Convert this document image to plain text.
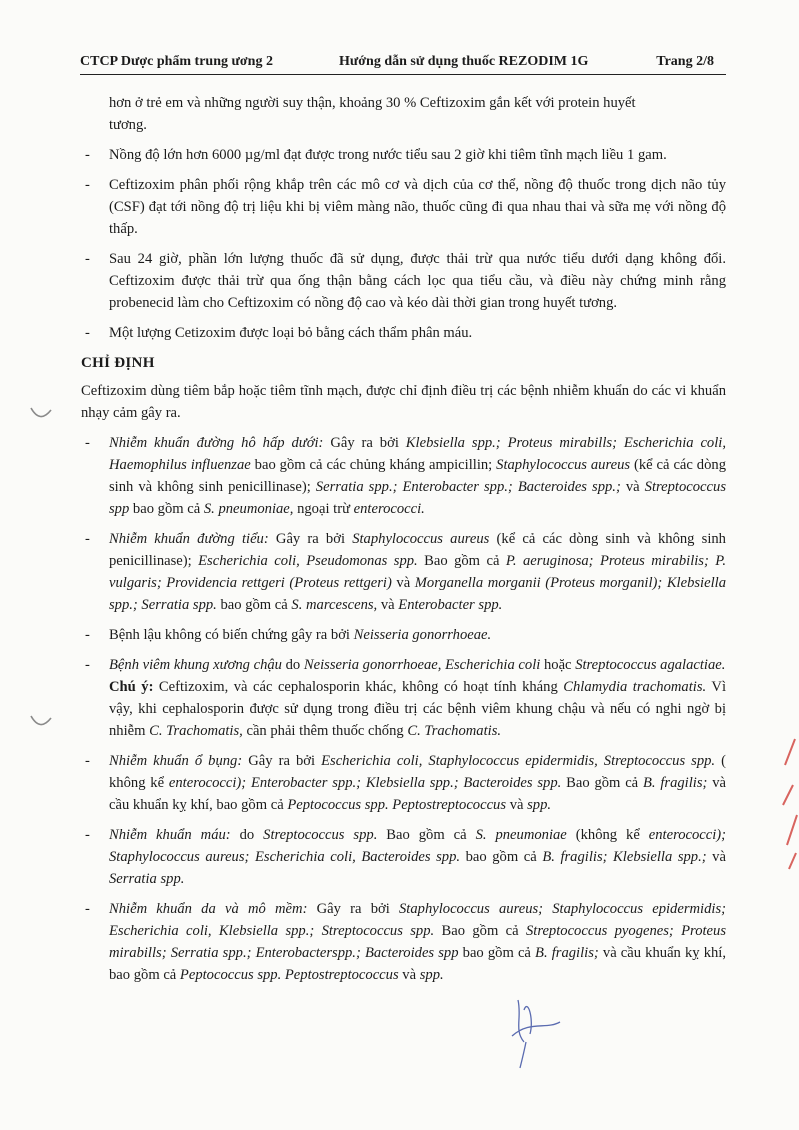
CTCP Dược phẩm trung ương 2	Hướng dẫn sử dụng thuốc REZODIM 1G	Trang 2/8

hơn ở trẻ em và những người suy thận, khoảng 30 % Ceftizoxim gắn kết với protein huyết

tương.

- Nồng độ lớn hơn 6000 µg/ml đạt được trong nước tiểu sau 2 giờ khi tiêm tĩnh mạch liều 1 gam.
- Ceftizoxim phân phối rộng khắp trên các mô cơ và dịch của cơ thể, nồng độ thuốc trong dịch não tủy (CSF) đạt tới nồng độ trị liệu khi bị viêm màng não, thuốc cũng đi qua nhau thai và sữa mẹ với nồng độ thấp.
- Sau 24 giờ, phần lớn lượng thuốc đã sử dụng, được thải trừ qua nước tiểu dưới dạng không đổi. Ceftizoxim được thải trừ qua ống thận bằng cách lọc qua tiểu cầu, và điều này chứng minh rằng probenecid làm cho Ceftizoxim có nồng độ cao và kéo dài thời gian trong huyết tương.
- Một lượng Cetizoxim được loại bỏ bằng cách thẩm phân máu.

CHỈ ĐỊNH

Ceftizoxim dùng tiêm bắp hoặc tiêm tĩnh mạch, được chỉ định điều trị các bệnh nhiễm khuẩn do các vi khuẩn nhạy cảm gây ra.

- Nhiễm khuẩn đường hô hấp dưới: Gây ra bởi Klebsiella spp.; Proteus mirabills; Escherichia coli, Haemophilus influenzae bao gồm cả các chủng kháng ampicillin; Staphylococcus aureus (kể cả các dòng sinh và không sinh penicillinase); Serratia spp.; Enterobacter spp.; Bacteroides spp.; và Streptococcus spp bao gồm cả S. pneumoniae, ngoại trừ enterococci.
- Nhiễm khuẩn đường tiểu: Gây ra bởi Staphylococcus aureus (kể cả các dòng sinh và không sinh penicillinase); Escherichia coli, Pseudomonas spp. Bao gồm cả P. aeruginosa; Proteus mirabilis; P. vulgaris; Providencia rettgeri (Proteus rettgeri) và Morganella morganii (Proteus morganil); Klebsiella spp.; Serratia spp. bao gồm cả S. marcescens, và Enterobacter spp.
- Bệnh lậu không có biến chứng gây ra bởi Neisseria gonorrhoeae.
- Bệnh viêm khung xương chậu do Neisseria gonorrhoeae, Escherichia coli hoặc Streptococcus agalactiae.
Chú ý: Ceftizoxim, và các cephalosporin khác, không có hoạt tính kháng Chlamydia trachomatis. Vì vậy, khi cephalosporin được sử dụng trong điều trị các bệnh viêm khung chậu và nếu có nghi ngờ bị nhiễm C. Trachomatis, cần phải thêm thuốc chống C. Trachomatis.
- Nhiễm khuẩn ổ bụng: Gây ra bởi Escherichia coli, Staphylococcus epidermidis, Streptococcus spp. ( không kể enterococci); Enterobacter spp.; Klebsiella spp.; Bacteroides spp. Bao gồm cả B. fragilis; và cầu khuẩn kỵ khí, bao gồm cả Peptococcus spp. Peptostreptococcus và spp.
- Nhiễm khuẩn máu: do Streptococcus spp. Bao gồm cả S. pneumoniae (không kể enterococci); Staphylococcus aureus; Escherichia coli, Bacteroides spp. bao gồm cả B. fragilis; Klebsiella spp.; và Serratia spp.
- Nhiễm khuẩn da và mô mềm: Gây ra bởi Staphylococcus aureus; Staphylococcus epidermidis; Escherichia coli, Klebsiella spp.; Streptococcus spp. Bao gồm cả Streptococcus pyogenes; Proteus mirabills; Serratia spp.; Enterobacterspp.; Bacteroides spp bao gồm cả B. fragilis; và cầu khuẩn kỵ khí, bao gồm cả Peptococcus spp. Peptostreptococcus và spp.
